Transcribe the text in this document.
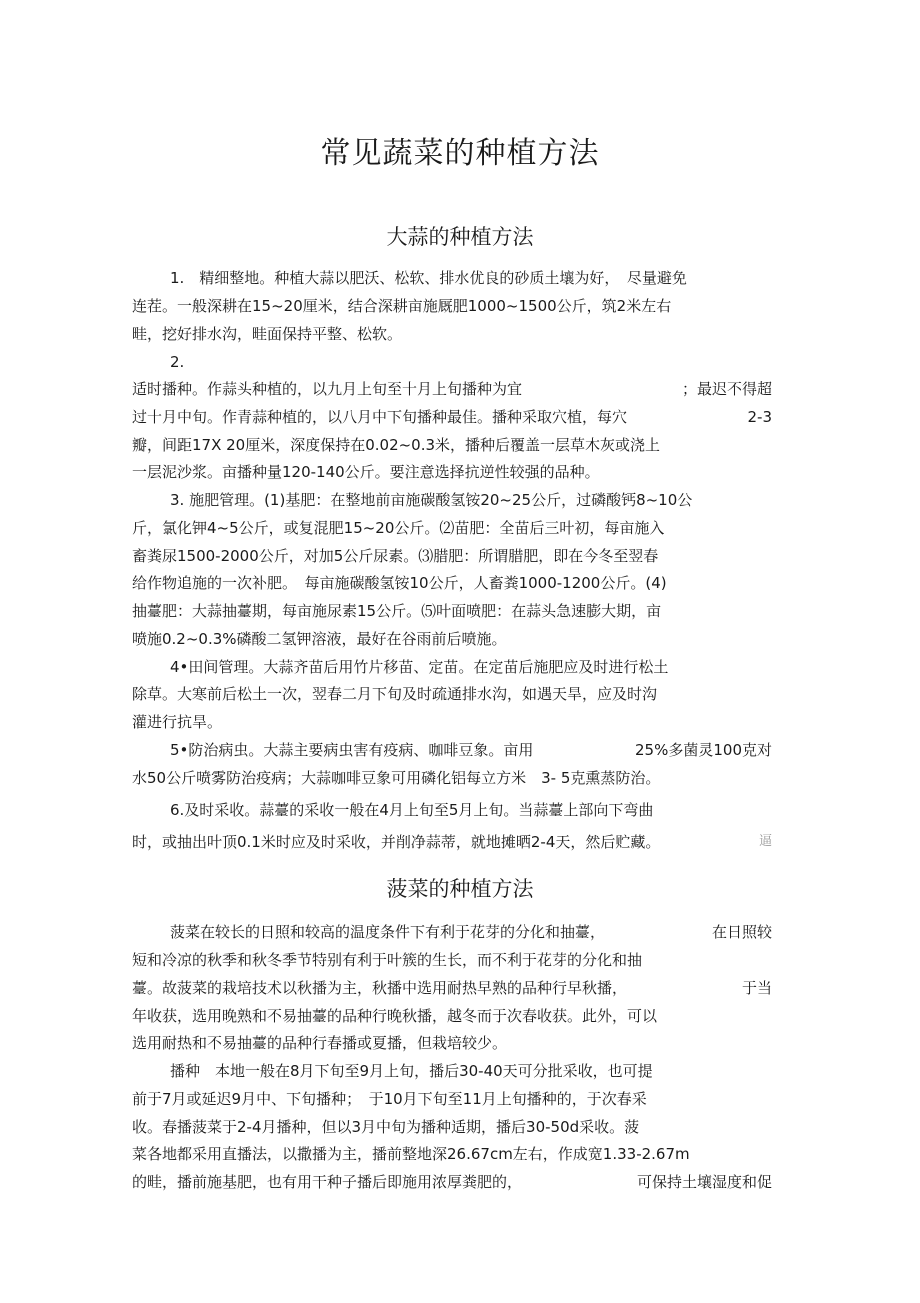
常见蔬菜的种植方法
大蒜的种植方法
1.　精细整地。种植大蒜以肥沃、松软、排水优良的砂质土壤为好，　尽量避免
连茬。一般深耕在15~20厘米，结合深耕亩施厩肥1000~1500公斤，筑2米左右
畦，挖好排水沟，畦面保持平整、松软。
2.
适时播种。作蒜头种植的，以九月上旬至十月上旬播种为宜	；最迟不得超
过十月中旬。作青蒜种植的，以八月中下旬播种最佳。播种采取穴植，每穴	2-3
瓣，间距17X 20厘米，深度保持在0.02~0.3米，播种后覆盖一层草木灰或浇上
一层泥沙浆。亩播种量120-140公斤。要注意选择抗逆性较强的品种。
3. 施肥管理。(1)基肥：在整地前亩施碳酸氢铵20~25公斤，过磷酸钙8~10公
斤，氯化钾4~5公斤，或复混肥15~20公斤。⑵苗肥：全苗后三叶初，每亩施入
畜粪尿1500-2000公斤，对加5公斤尿素。⑶腊肥：所谓腊肥，即在今冬至翌春
给作物追施的一次补肥。　每亩施碳酸氢铵10公斤，人畜粪1000-1200公斤。(4)
抽薹肥：大蒜抽薹期，每亩施尿素15公斤。⑸叶面喷肥：在蒜头急速膨大期，亩
喷施0.2~0.3%磷酸二氢钾溶液，最好在谷雨前后喷施。
4•田间管理。大蒜齐苗后用竹片移苗、定苗。在定苗后施肥应及时进行松土
除草。大寒前后松土一次，翌春二月下旬及时疏通排水沟，如遇天旱，应及时沟
灌进行抗旱。
5•防治病虫。大蒜主要病虫害有疫病、咖啡豆象。亩用	25%多菌灵100克对
水50公斤喷雾防治疫病；大蒜咖啡豆象可用磷化铝每立方米　3- 5克熏蒸防治。
6.及时采收。蒜薹的采收一般在4月上旬至5月上旬。当蒜薹上部向下弯曲
时，或抽出叶顶0.1米时应及时采收，并削净蒜蒂，就地摊晒2-4天，然后贮藏。	逼
菠菜的种植方法
菠菜在较长的日照和较高的温度条件下有利于花芽的分化和抽薹，	在日照较
短和冷凉的秋季和秋冬季节特别有利于叶簇的生长，而不利于花芽的分化和抽
薹。故菠菜的栽培技术以秋播为主，秋播中选用耐热早熟的品种行早秋播，	于当
年收获，选用晚熟和不易抽薹的品种行晚秋播，越冬而于次春收获。此外，可以
选用耐热和不易抽薹的品种行春播或夏播，但栽培较少。
播种　本地一般在8月下旬至9月上旬，播后30-40天可分批采收，也可提
前于7月或延迟9月中、下旬播种；　于10月下旬至11月上旬播种的，于次春采
收。春播菠菜于2-4月播种，但以3月中旬为播种适期，播后30-50d采收。菠
菜各地都采用直播法，以撒播为主，播前整地深26.67cm左右，作成宽1.33-2.67m
的畦，播前施基肥，也有用干种子播后即施用浓厚粪肥的，	可保持土壤湿度和促
